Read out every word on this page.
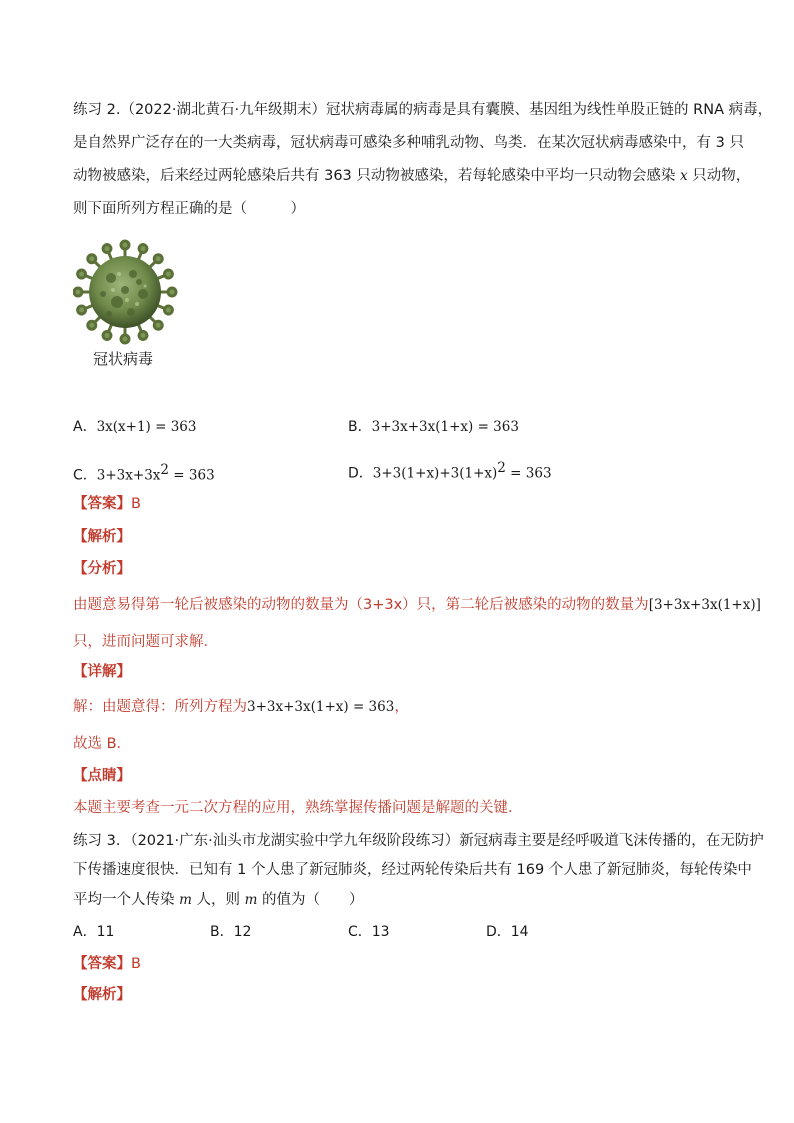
练习 2.（2022·湖北黄石·九年级期末）冠状病毒属的病毒是具有囊膜、基因组为线性单股正链的 RNA 病毒，
是自然界广泛存在的一大类病毒，冠状病毒可感染多种哺乳动物、鸟类．在某次冠状病毒感染中，有 3 只
动物被感染，后来经过两轮感染后共有 363 只动物被感染，若每轮感染中平均一只动物会感染 x 只动物，
则下面所列方程正确的是（　　　）
冠状病毒
A．3x(x+1) = 363	B．3+3x+3x(1+x) = 363
C．$3+3x+3x^2 = 363$	D．$3+3(1+x)+3(1+x)^2 = 363$
【答案】B
【解析】
【分析】
由题意易得第一轮后被感染的动物的数量为（3+3x）只，第二轮后被感染的动物的数量为[3+3x+3x(1+x)]
只，进而问题可求解．
【详解】
解：由题意得：所列方程为3+3x+3x(1+x) = 363，
故选 B．
【点睛】
本题主要考查一元二次方程的应用，熟练掌握传播问题是解题的关键．
练习 3．（2021·广东·汕头市龙湖实验中学九年级阶段练习）新冠病毒主要是经呼吸道飞沫传播的，在无防护
下传播速度很快．已知有 1 个人患了新冠肺炎，经过两轮传染后共有 169 个人患了新冠肺炎，每轮传染中
平均一个人传染 m 人，则 m 的值为（　　）
A．11	B．12	C．13	D．14
【答案】B
【解析】
